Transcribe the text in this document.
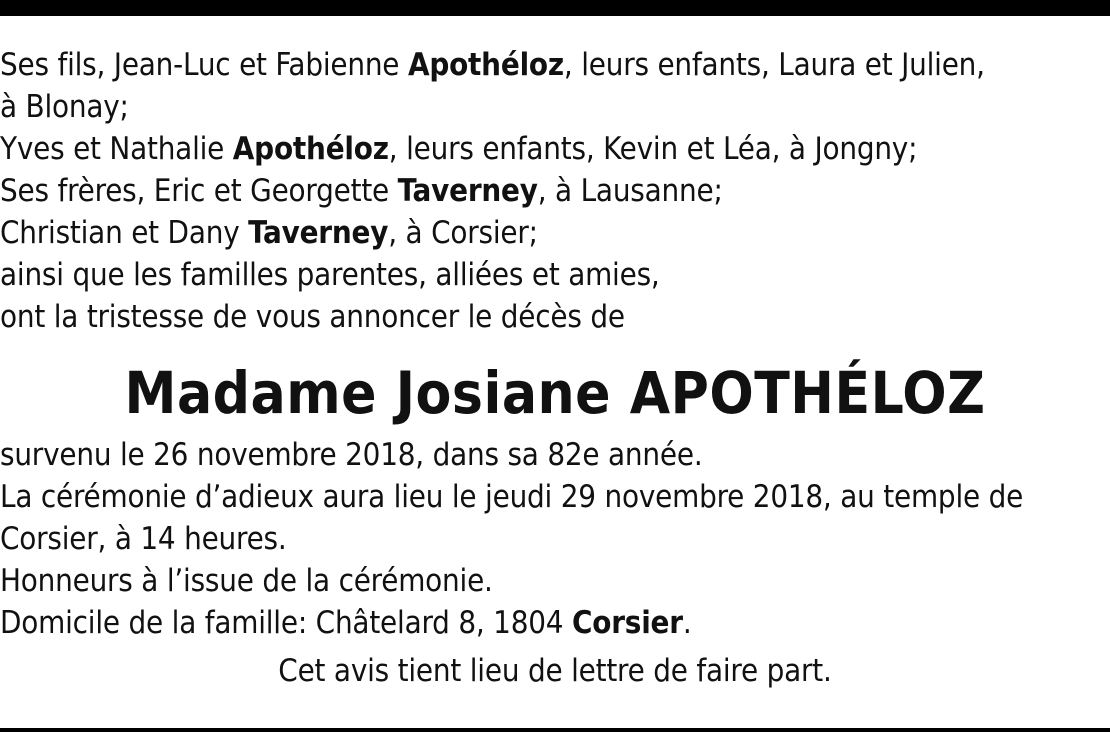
Ses fils, Jean-Luc et Fabienne Apothéloz, leurs enfants, Laura et Julien,
à Blonay;
Yves et Nathalie Apothéloz, leurs enfants, Kevin et Léa, à Jongny;
Ses frères, Eric et Georgette Taverney, à Lausanne;
Christian et Dany Taverney, à Corsier;
ainsi que les familles parentes, alliées et amies,
ont la tristesse de vous annoncer le décès de
Madame Josiane APOTHÉLOZ
survenu le 26 novembre 2018, dans sa 82e année.
La cérémonie d’adieux aura lieu le jeudi 29 novembre 2018, au temple de
Corsier, à 14 heures.
Honneurs à l’issue de la cérémonie.
Domicile de la famille: Châtelard 8, 1804 Corsier.
Cet avis tient lieu de lettre de faire part.
